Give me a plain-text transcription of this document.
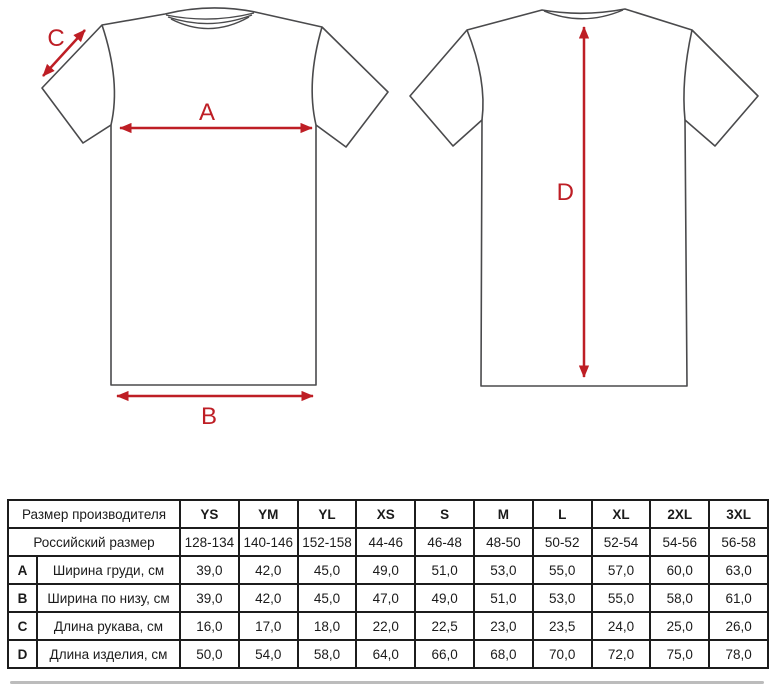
A
B
C
D
Размер производителя		YS	YM	YL	XS	S	M	L	XL	2XL	3XL
Российский размер		128-134	140-146	152-158	44-46	46-48	48-50	50-52	52-54	54-56	56-58
A	Ширина груди, см	39,0	42,0	45,0	49,0	51,0	53,0	55,0	57,0	60,0	63,0
B	Ширина по низу, см	39,0	42,0	45,0	47,0	49,0	51,0	53,0	55,0	58,0	61,0
C	Длина рукава, см	16,0	17,0	18,0	22,0	22,5	23,0	23,5	24,0	25,0	26,0
D	Длина изделия, см	50,0	54,0	58,0	64,0	66,0	68,0	70,0	72,0	75,0	78,0
